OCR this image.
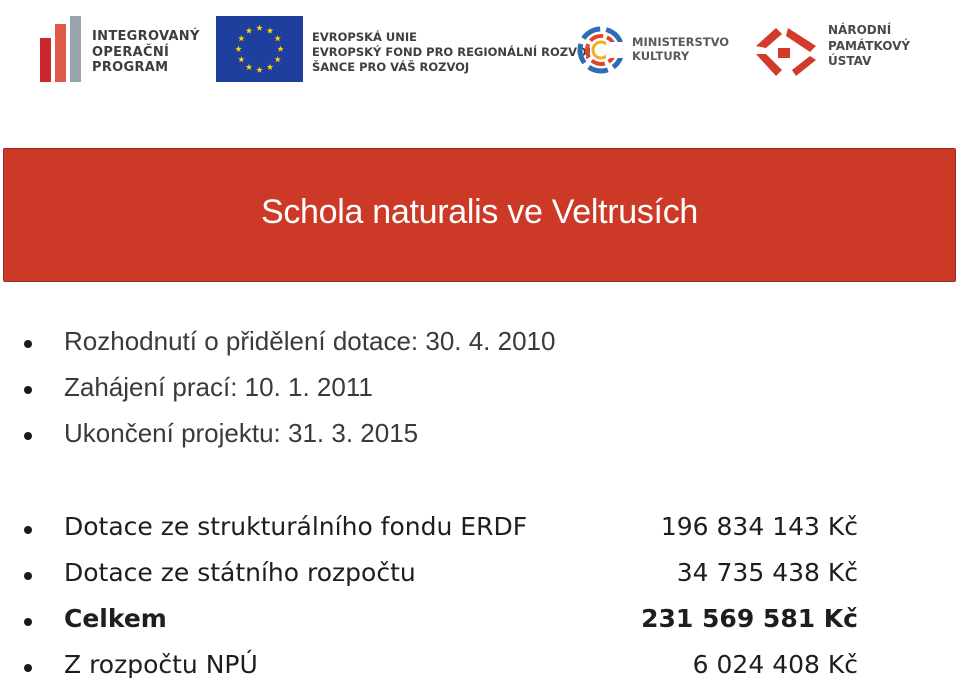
INTEGROVANÝ
OPERAČNÍ
PROGRAM
EVROPSKÁ UNIE
EVROPSKÝ FOND PRO REGIONÁLNÍ ROZVOJ
ŠANCE PRO VÁŠ ROZVOJ
MINISTERSTVO
KULTURY
NÁRODNÍ
PAMÁTKOVÝ
ÚSTAV
Schola naturalis ve Veltrusích
Rozhodnutí o přidělení dotace: 30. 4. 2010
Zahájení prací: 10. 1. 2011
Ukončení projektu: 31. 3. 2015
Dotace ze strukturálního fondu ERDF	196 834 143 Kč
Dotace ze státního rozpočtu	34 735 438 Kč
Celkem	231 569 581 Kč
Z rozpočtu NPÚ	6 024 408 Kč
